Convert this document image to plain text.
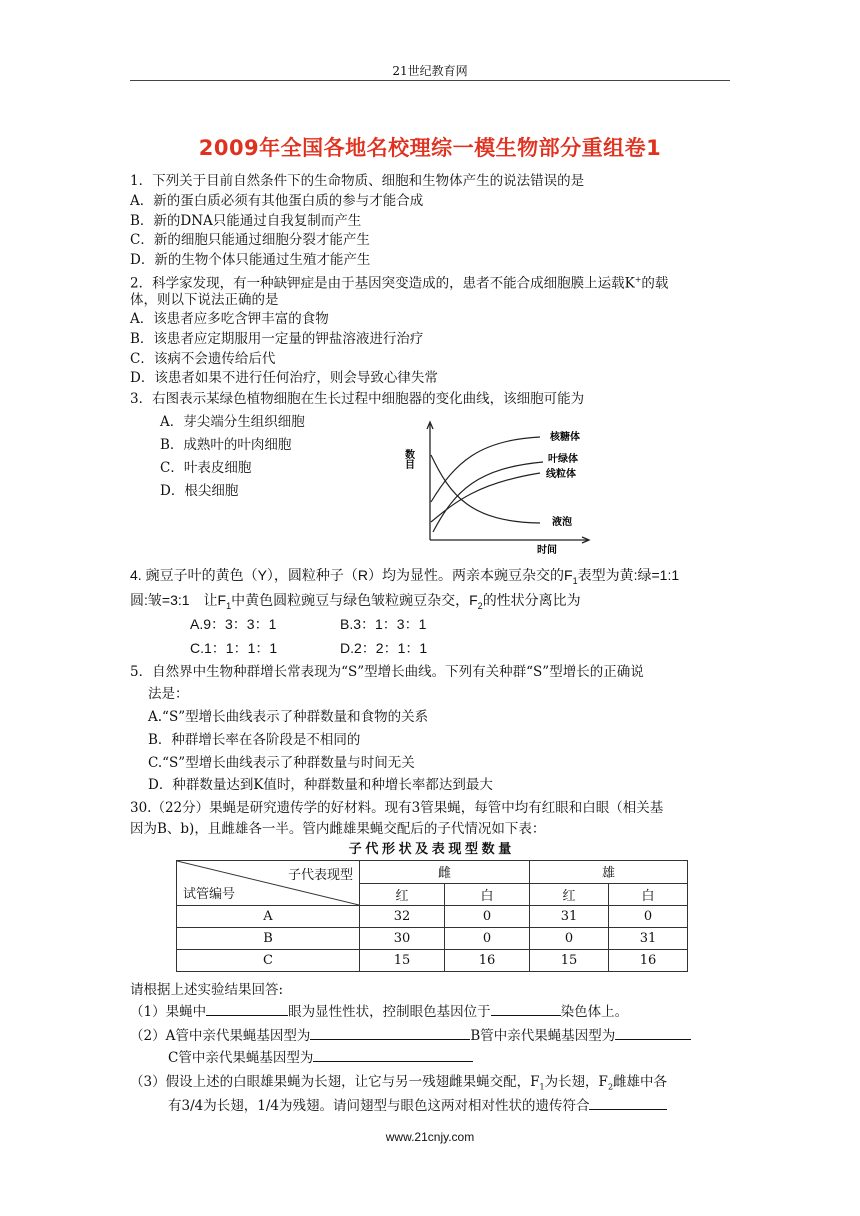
21世纪教育网
2009年全国各地名校理综一模生物部分重组卷1
1．下列关于目前自然条件下的生命物质、细胞和生物体产生的说法错误的是
A．新的蛋白质必须有其他蛋白质的参与才能合成
B．新的DNA只能通过自我复制而产生
C．新的细胞只能通过细胞分裂才能产生
D．新的生物个体只能通过生殖才能产生
2．科学家发现，有一种缺钾症是由于基因突变造成的，患者不能合成细胞膜上运载K+的载
体，则以下说法正确的是
A．该患者应多吃含钾丰富的食物
B．该患者应定期服用一定量的钾盐溶液进行治疗
C．该病不会遗传给后代
D．该患者如果不进行任何治疗，则会导致心律失常
3．右图表示某绿色植物细胞在生长过程中细胞器的变化曲线，该细胞可能为
A．芽尖端分生组织细胞
B．成熟叶的叶肉细胞
C．叶表皮细胞
D．根尖细胞
数目
时间
核糖体
叶绿体
线粒体
液泡
4. 豌豆子叶的黄色（Y），圆粒种子（R）均为显性。两亲本豌豆杂交的$F_1$表型为黄:绿=1:1
圆:皱=3:1　让$F_1$中黄色圆粒豌豆与绿色皱粒豌豆杂交，$F_2$的性状分离比为
A.9：3：3：1	B.3：1：3：1
C.1：1：1：1	D.2：2：1：1
5．自然界中生物种群增长常表现为“S”型增长曲线。下列有关种群“S”型增长的正确说
法是：
A.“S”型增长曲线表示了种群数量和食物的关系
B．种群增长率在各阶段是不相同的
C.“S”型增长曲线表示了种群数量与时间无关
D．种群数量达到K值时，种群数量和种增长率都达到最大
30.（22分）果蝇是研究遗传学的好材料。现有3管果蝇，每管中均有红眼和白眼（相关基
因为B、b)，且雌雄各一半。管内雌雄果蝇交配后的子代情况如下表：
子 代 形 状 及 表 现 型 数 量
子代表现型
试管编号	雌		雄	
	红	白	红	白
A	32	0	31	0
B	30	0	0	31
C	15	16	15	16
请根据上述实验结果回答:
（1）果蝇中	眼为显性性状，控制眼色基因位于	染色体上。
（2）A管中亲代果蝇基因型为	B管中亲代果蝇基因型为
C管中亲代果蝇基因型为
（3）假设上述的白眼雄果蝇为长翅，让它与另一残翅雌果蝇交配，$F_1$为长翅，$F_2$雌雄中各
有3/4为长翅，1/4为残翅。请问翅型与眼色这两对相对性状的遗传符合
www.21cnjy.com
